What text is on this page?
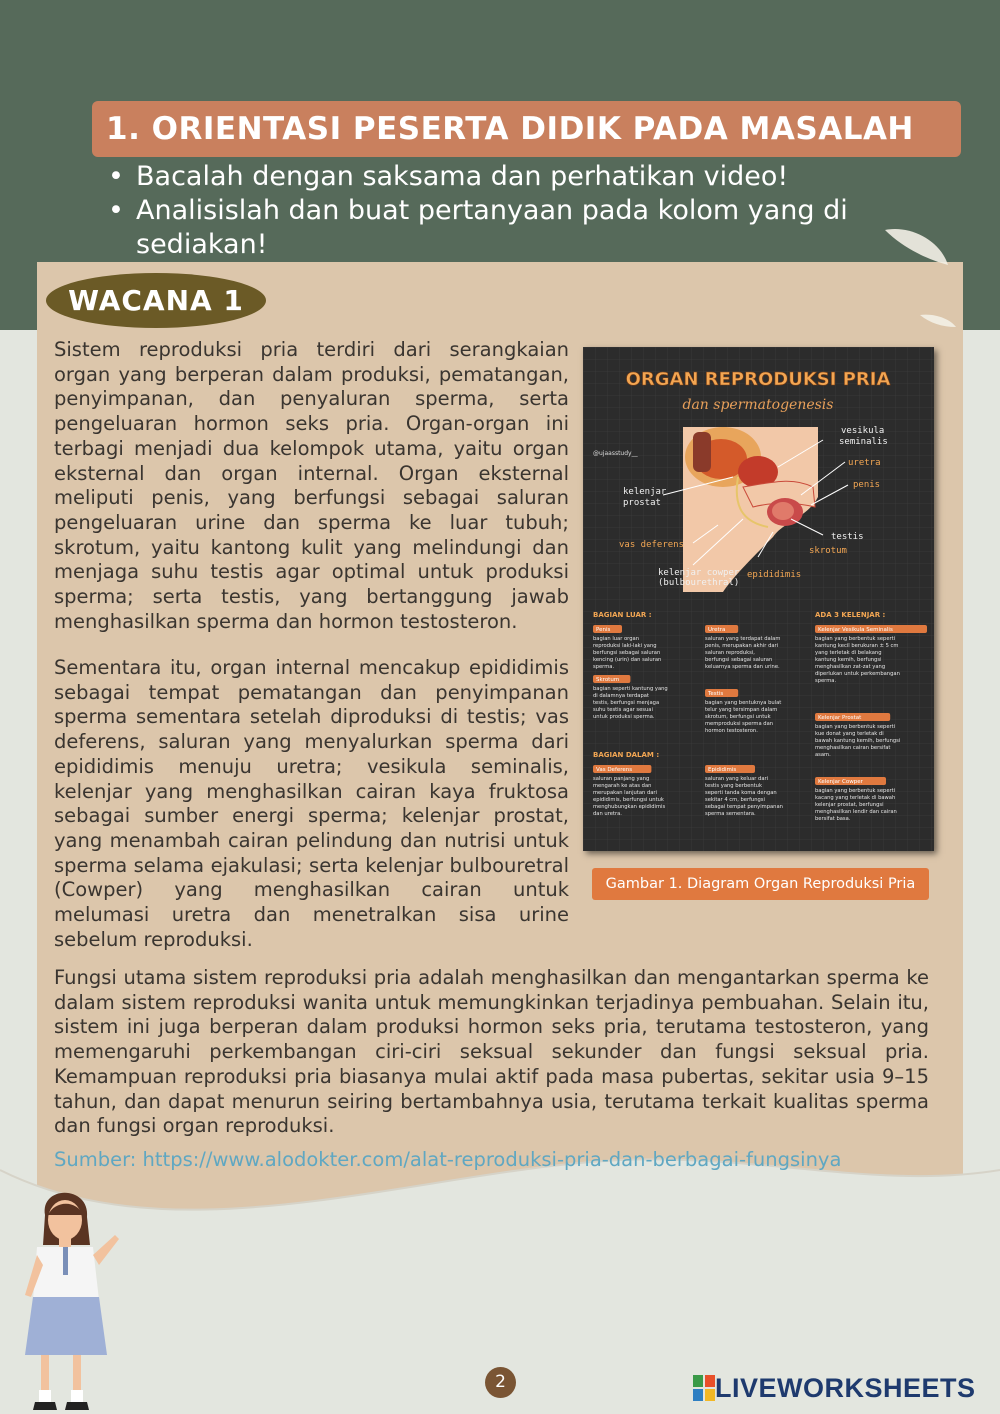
1. ORIENTASI PESERTA DIDIK PADA MASALAH
• Bacalah dengan saksama dan perhatikan video!
• Analisislah dan buat pertanyaan pada kolom yang di sediakan!
WACANA 1

Sistem reproduksi pria terdiri dari serangkaian organ yang berperan dalam produksi, pematangan, penyimpanan, dan penyaluran sperma, serta pengeluaran hormon seks pria. Organ-organ ini terbagi menjadi dua kelompok utama, yaitu organ eksternal dan organ internal. Organ eksternal meliputi penis, yang berfungsi sebagai saluran pengeluaran urine dan sperma ke luar tubuh; skrotum, yaitu kantong kulit yang melindungi dan menjaga suhu testis agar optimal untuk produksi sperma; serta testis, yang bertanggung jawab menghasilkan sperma dan hormon testosteron.

Sementara itu, organ internal mencakup epididimis sebagai tempat pematangan dan penyimpanan sperma sementara setelah diproduksi di testis; vas deferens, saluran yang menyalurkan sperma dari epididimis menuju uretra; vesikula seminalis, kelenjar yang menghasilkan cairan kaya fruktosa sebagai sumber energi sperma; kelenjar prostat, yang menambah cairan pelindung dan nutrisi untuk sperma selama ejakulasi; serta kelenjar bulbouretral (Cowper) yang menghasilkan cairan untuk melumasi uretra dan menetralkan sisa urine sebelum reproduksi.

Fungsi utama sistem reproduksi pria adalah menghasilkan dan mengantarkan sperma ke dalam sistem reproduksi wanita untuk memungkinkan terjadinya pembuahan. Selain itu, sistem ini juga berperan dalam produksi hormon seks pria, terutama testosteron, yang memengaruhi perkembangan ciri-ciri seksual sekunder dan fungsi seksual pria. Kemampuan reproduksi pria biasanya mulai aktif pada masa pubertas, sekitar usia 9–15 tahun, dan dapat menurun seiring bertambahnya usia, terutama terkait kualitas sperma dan fungsi organ reproduksi.

Sumber: https://www.alodokter.com/alat-reproduksi-pria-dan-berbagai-fungsinya
ORGAN REPRODUKSI PRIA
dan spermatogenesis
@ujaasstudy__
vesikula
seminalis
uretra
penis
kelenjar
prostat
testis
skrotum
vas deferens
kelenjar cowper
(bulbourethral)
epididimis
BAGIAN LUAR :
BAGIAN DALAM :
ADA 3 KELENJAR :
Penis
bagian luar organ reproduksi laki-laki yang berfungsi sebagai saluran kencing (urin) dan saluran sperma.
Skrotum
bagian seperti kantung yang di dalamnya terdapat testis, berfungsi menjaga suhu testis agar sesuai untuk produksi sperma.
Vas Deferens
saluran panjang yang mengarah ke atas dan merupakan lanjutan dari epididimis, berfungsi untuk menghubungkan epididimis dan uretra.
Uretra
saluran yang terdapat dalam penis, merupakan akhir dari saluran reproduksi, berfungsi sebagai saluran keluarnya sperma dan urine.
Testis
bagian yang bentuknya bulat telur yang tersimpan dalam skrotum, berfungsi untuk memproduksi sperma dan hormon testosteron.
Epididimis
saluran yang keluar dari testis yang berbentuk seperti tanda koma dengan sekitar 4 cm, berfungsi sebagai tempat penyimpanan sperma sementara.
Kelenjar Vesikula Seminalis
bagian yang berbentuk seperti kantung kecil berukuran ± 5 cm yang terletak di belakang kantung kemih, berfungsi menghasilkan zat-zat yang diperlukan untuk perkembangan sperma.
Kelenjar Prostat
bagian yang berbentuk seperti kue donat yang terletak di bawah kantung kemih, berfungsi menghasilkan cairan bersifat asam.
Kelenjar Cowper
bagian yang berbentuk seperti kacang yang terletak di bawah kelenjar prostat, berfungsi menghasilkan lendir dan cairan bersifat basa.
Gambar 1. Diagram Organ Reproduksi Pria
2	LIVEWORKSHEETS
